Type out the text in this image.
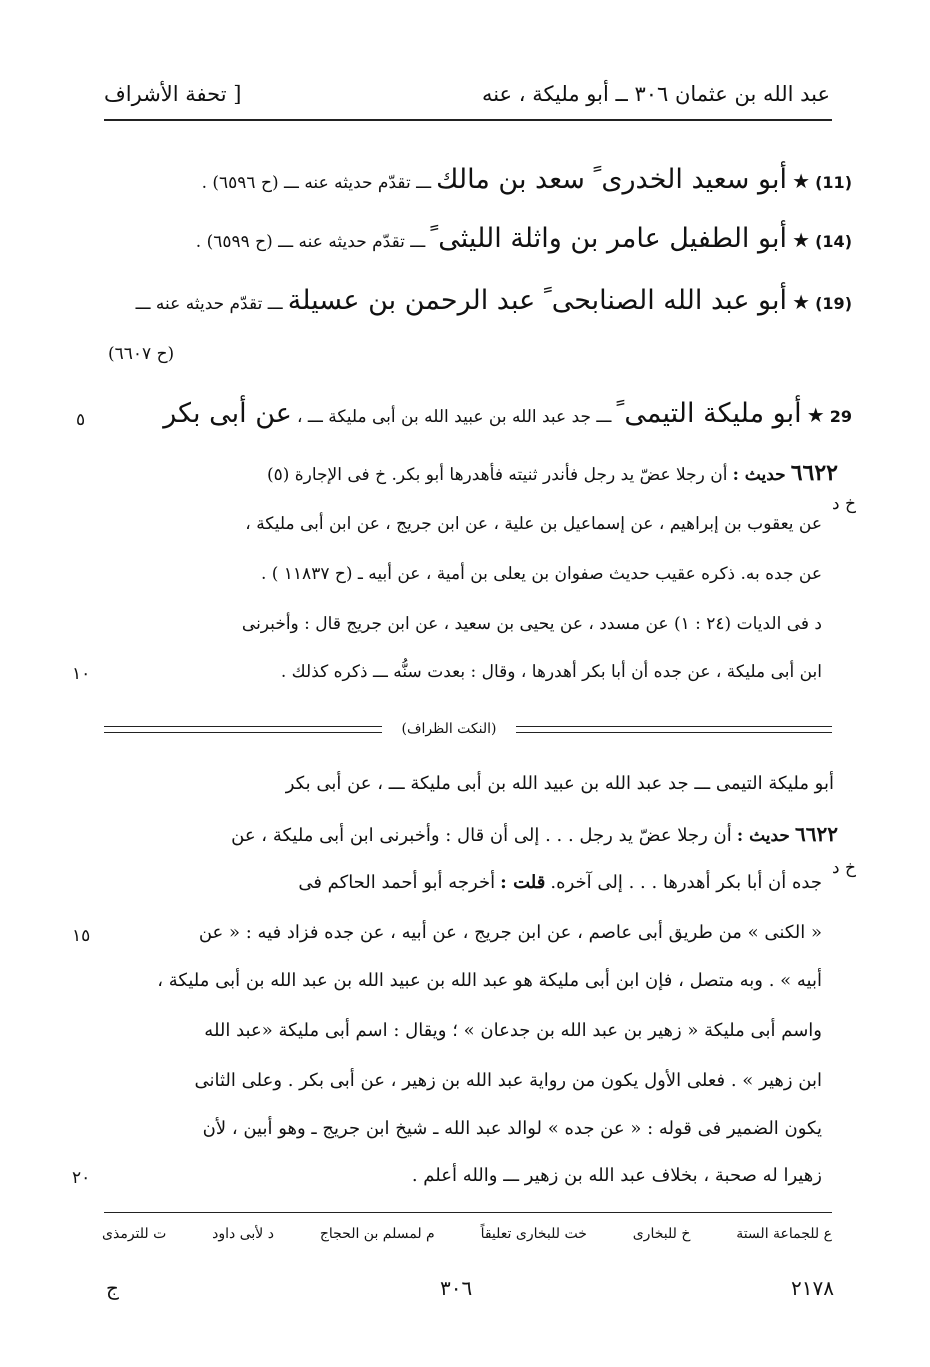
عبد الله بن عثمان ٣٠٦ ــ أبو مليكة ، عنه
[ تحفة الأشراف
(11) ★ أبو سعيد الخدرى ً سعد بن مالك ـــ تقدّم حديثه عنه ـــ (ح ٦٥٩٦) .
(14) ★ أبو الطفيل عامر بن واثلة الليثى ً ـــ تقدّم حديثه عنه ـــ (ح ٦٥٩٩) .
(19) ★ أبو عبد الله الصنابحى ً عبد الرحمن بن عسيلة ـــ تقدّم حديثه عنه ـــ
(ح ٦٦٠٧)
29 ★ أبو مليكة التيمى ً ـــ جد عبد الله بن عبيد الله بن أبى مليكة ـــ ، عن أبى بكر
٥
٦٦٢٢ حديث : أن رجلا عضّ يد رجل فأندر ثنيته فأهدرها أبو بكر. خ فى الإجارة (٥)
خ د
عن يعقوب بن إبراهيم ، عن إسماعيل بن علية ، عن ابن جريج ، عن ابن أبى مليكة ،
عن جده به. ذكره عقيب حديث صفوان بن يعلى بن أمية ، عن أبيه ـ (ح ١١٨٣٧ ) .
د فى الديات (٢٤ : ١) عن مسدد ، عن يحيى بن سعيد ، عن ابن جريج قال : وأخبرنى
ابن أبى مليكة ، عن جده أن أبا بكر أهدرها ، وقال : بعدت سنُّه ـــ ذكره كذلك .
١٠
(النكت الظراف)
أبو مليكة التيمى ـــ جد عبد الله بن عبيد الله بن أبى مليكة ـــ ، عن أبى بكر
٦٦٢٢ حديث : أن رجلا عضّ يد رجل . . . إلى أن قال : وأخبرنى ابن أبى مليكة ، عن
خ د
جده أن أبا بكر أهدرها . . . إلى آخره. قلت : أخرجه أبو أحمد الحاكم فى
« الكنى » من طريق أبى عاصم ، عن ابن جريج ، عن أبيه ، عن جده فزاد فيه : « عن
١٥
أبيه » . وبه متصل ، فإن ابن أبى مليكة هو عبد الله بن عبيد الله بن عبد الله بن أبى مليكة ،
واسم أبى مليكة « زهير بن عبد الله بن جدعان » ؛ ويقال : اسم أبى مليكة «عبد الله
ابن زهير » . فعلى الأول يكون من رواية عبد الله بن زهير ، عن أبى بكر . وعلى الثانى
يكون الضمير فى قوله : « عن جده » لوالد عبد الله ـ شيخ ابن جريج ـ وهو أبين ، لأن
زهيرا له صحبة ، بخلاف عبد الله بن زهير ـــ والله أعلم .
٢٠
ع للجماعة الستة
خ للبخارى
خت للبخارى تعليقاً
م لمسلم بن الحجاج
د لأبى داود
ت للترمذى
٢١٧٨
٣٠٦
ج
